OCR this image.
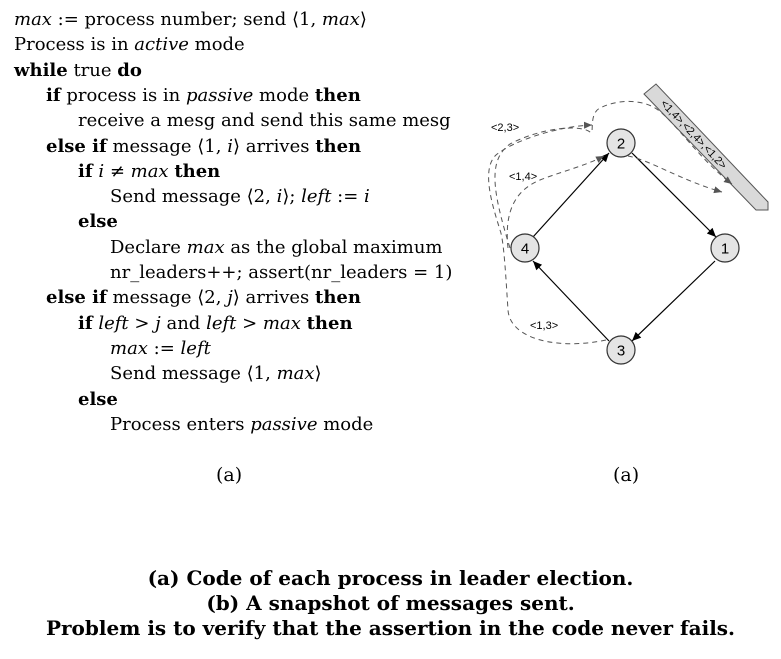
max := process number; send ⟨1, max⟩
Process is in active mode
while true do
if process is in passive mode then
receive a mesg and send this same mesg
else if message ⟨1, i⟩ arrives then
if i ≠ max then
Send message ⟨2, i⟩; left := i
else
Declare max as the global maximum
nr_leaders++; assert(nr_leaders = 1)
else if message ⟨2, j⟩ arrives then
if left > j and left > max then
max := left
Send message ⟨1, max⟩
else
Process enters passive mode
(a)	(a)
<1,4>,<2,4>,<1,2>
<2,3>
<1,4>
<1,3>
2
1
3
4
(a) Code of each process in leader election.
(b) A snapshot of messages sent.
Problem is to verify that the assertion in the code never fails.
